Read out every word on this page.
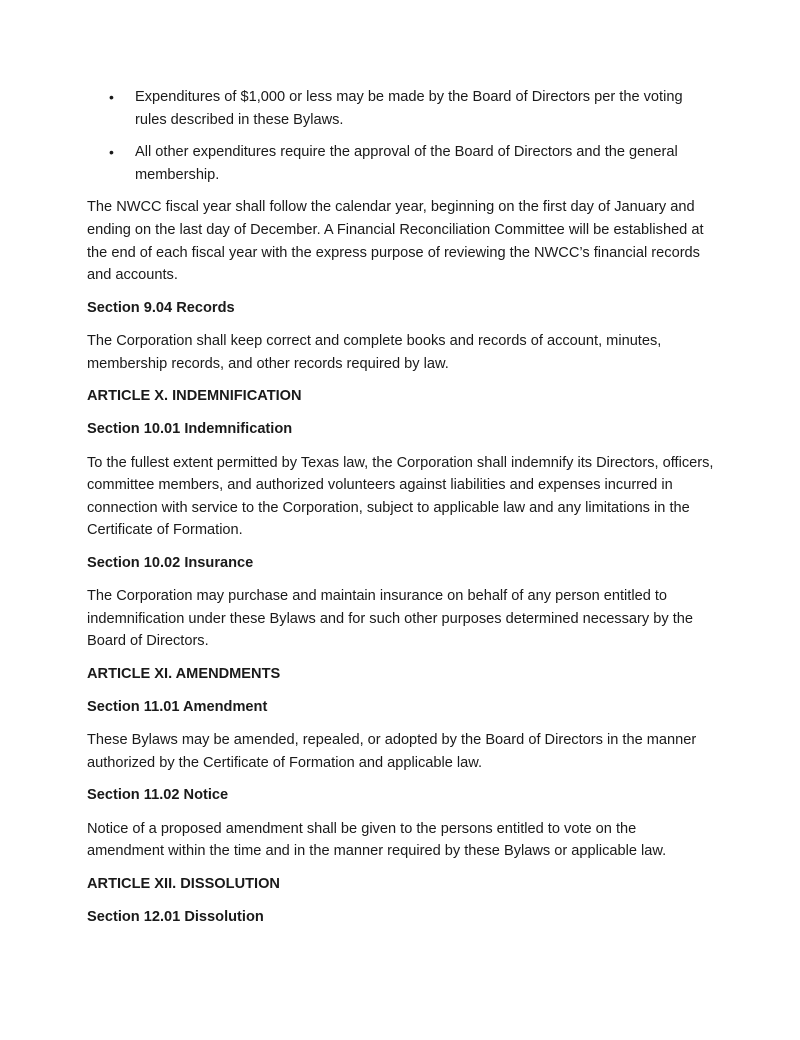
• Expenditures of $1,000 or less may be made by the Board of Directors per the voting rules described in these Bylaws.
• All other expenditures require the approval of the Board of Directors and the general membership.

The NWCC fiscal year shall follow the calendar year, beginning on the first day of January and ending on the last day of December. A Financial Reconciliation Committee will be established at the end of each fiscal year with the express purpose of reviewing the NWCC’s financial records and accounts.

Section 9.04 Records

The Corporation shall keep correct and complete books and records of account, minutes, membership records, and other records required by law.

ARTICLE X. INDEMNIFICATION
Section 10.01 Indemnification

To the fullest extent permitted by Texas law, the Corporation shall indemnify its Directors, officers, committee members, and authorized volunteers against liabilities and expenses incurred in connection with service to the Corporation, subject to applicable law and any limitations in the Certificate of Formation.

Section 10.02 Insurance

The Corporation may purchase and maintain insurance on behalf of any person entitled to indemnification under these Bylaws and for such other purposes determined necessary by the Board of Directors.

ARTICLE XI. AMENDMENTS
Section 11.01 Amendment

These Bylaws may be amended, repealed, or adopted by the Board of Directors in the manner authorized by the Certificate of Formation and applicable law.

Section 11.02 Notice

Notice of a proposed amendment shall be given to the persons entitled to vote on the amendment within the time and in the manner required by these Bylaws or applicable law.

ARTICLE XII. DISSOLUTION
Section 12.01 Dissolution
